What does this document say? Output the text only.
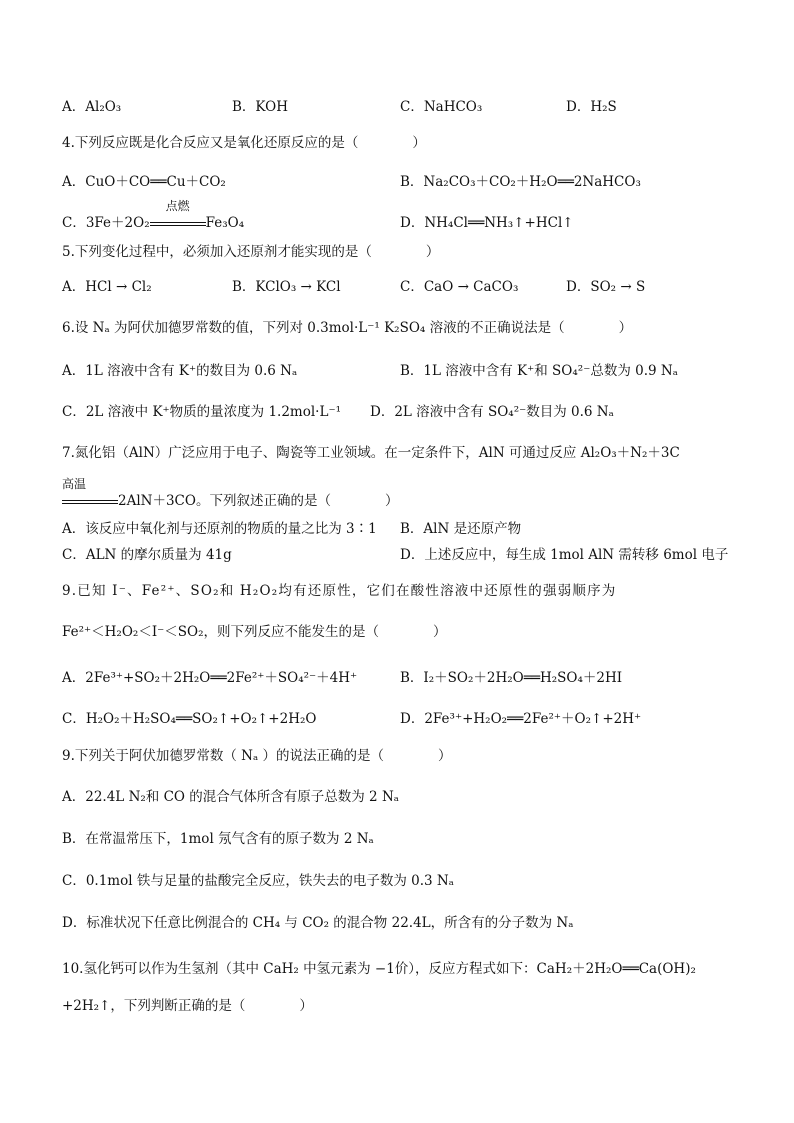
A．Al₂O₃	B．KOH	C．NaHCO₃	D．H₂S
4.下列反应既是化合反应又是氧化还原反应的是（　　　　）
A．CuO＋CO══Cu＋CO₂	B．Na₂CO₃＋CO₂＋H₂O══2NaHCO₃
C．3Fe＋2O₂
点燃
Fe₃O₄	D．NH₄Cl══NH₃↑+HCl↑
5.下列变化过程中，必须加入还原剂才能实现的是（　　　　）
A．HCl → Cl₂	B．KClO₃ → KCl	C．CaO → CaCO₃	D．SO₂ → S
6.设 Nₐ 为阿伏加德罗常数的值，下列对 0.3mol·L⁻¹ K₂SO₄ 溶液的不正确说法是（　　　　）
A．1L 溶液中含有 K⁺的数目为 0.6 Nₐ	B．1L 溶液中含有 K⁺和 SO₄²⁻总数为 0.9 Nₐ
C．2L 溶液中 K⁺物质的量浓度为 1.2mol·L⁻¹ D．2L 溶液中含有 SO₄²⁻数目为 0.6 Nₐ
7.氮化铝（AlN）广泛应用于电子、陶瓷等工业领域。在一定条件下，AlN 可通过反应 Al₂O₃＋N₂＋3C
高温
2AlN＋3CO。下列叙述正确的是（　　　　）
A．该反应中氧化剂与还原剂的物质的量之比为 3∶1 B．AlN 是还原产物
C．ALN 的摩尔质量为 41g	D．上述反应中，每生成 1mol AlN 需转移 6mol 电子
9.已知 I⁻、Fe²⁺、SO₂和 H₂O₂均有还原性，它们在酸性溶液中还原性的强弱顺序为
Fe²⁺＜H₂O₂＜I⁻＜SO₂，则下列反应不能发生的是（　　　　）
A．2Fe³⁺+SO₂＋2H₂O══2Fe²⁺＋SO₄²⁻＋4H⁺	B．I₂＋SO₂＋2H₂O══H₂SO₄＋2HI
C．H₂O₂＋H₂SO₄══SO₂↑+O₂↑+2H₂O	D．2Fe³⁺+H₂O₂══2Fe²⁺＋O₂↑+2H⁺
9.下列关于阿伏加德罗常数（ Nₐ ）的说法正确的是（　　　　）
A．22.4L N₂和 CO 的混合气体所含有原子总数为 2 Nₐ
B．在常温常压下，1mol 氖气含有的原子数为 2 Nₐ
C．0.1mol 铁与足量的盐酸完全反应，铁失去的电子数为 0.3 Nₐ
D．标准状况下任意比例混合的 CH₄ 与 CO₂ 的混合物 22.4L，所含有的分子数为 Nₐ
10.氢化钙可以作为生氢剂（其中 CaH₂ 中氢元素为 −1价），反应方程式如下：CaH₂＋2H₂O══Ca(OH)₂
+2H₂↑，下列判断正确的是（　　　　）
